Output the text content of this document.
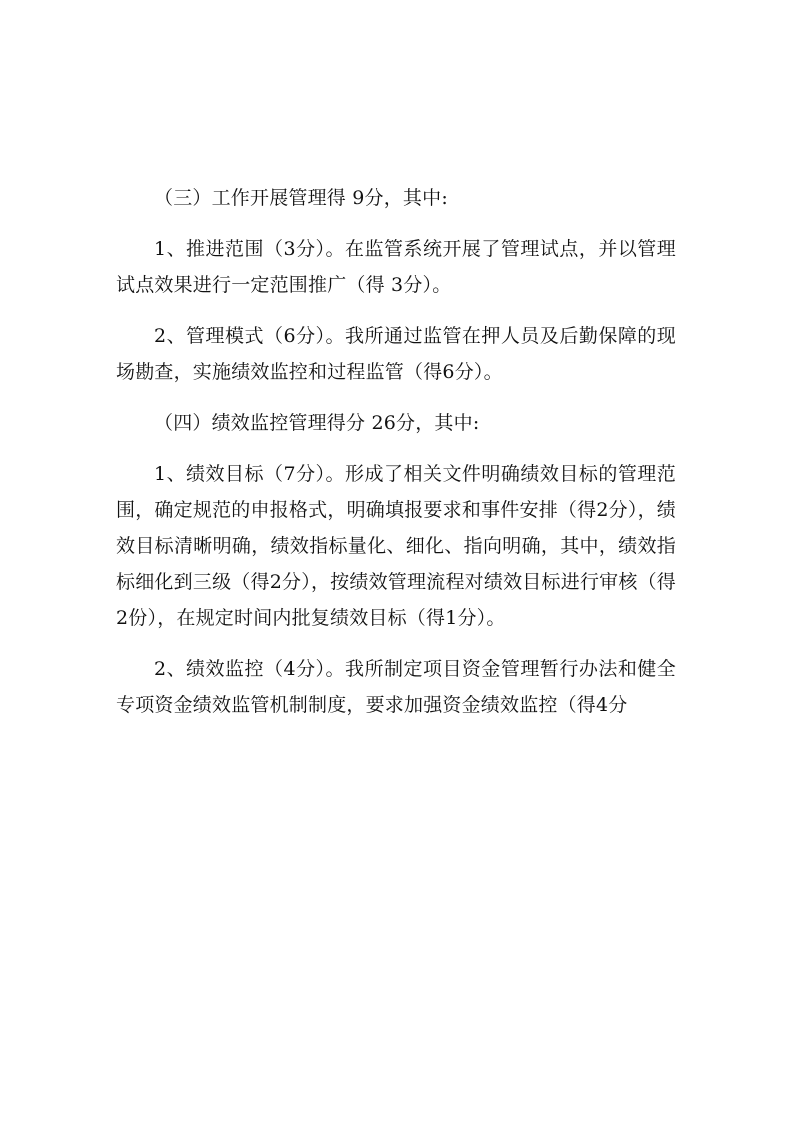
（三）工作开展管理得 9分，其中:

1、推进范围（3分）。在监管系统开展了管理试点，并以管理试点效果进行一定范围推广（得 3分）。

2、管理模式（6分）。我所通过监管在押人员及后勤保障的现场勘查，实施绩效监控和过程监管（得6分）。

（四）绩效监控管理得分 26分，其中:

1、绩效目标（7分）。形成了相关文件明确绩效目标的管理范围，确定规范的申报格式，明确填报要求和事件安排（得2分），绩效目标清晰明确，绩效指标量化、细化、指向明确，其中，绩效指标细化到三级（得2分），按绩效管理流程对绩效目标进行审核（得2份），在规定时间内批复绩效目标（得1分）。

2、绩效监控（4分）。我所制定项目资金管理暂行办法和健全专项资金绩效监管机制制度，要求加强资金绩效监控（得4分
